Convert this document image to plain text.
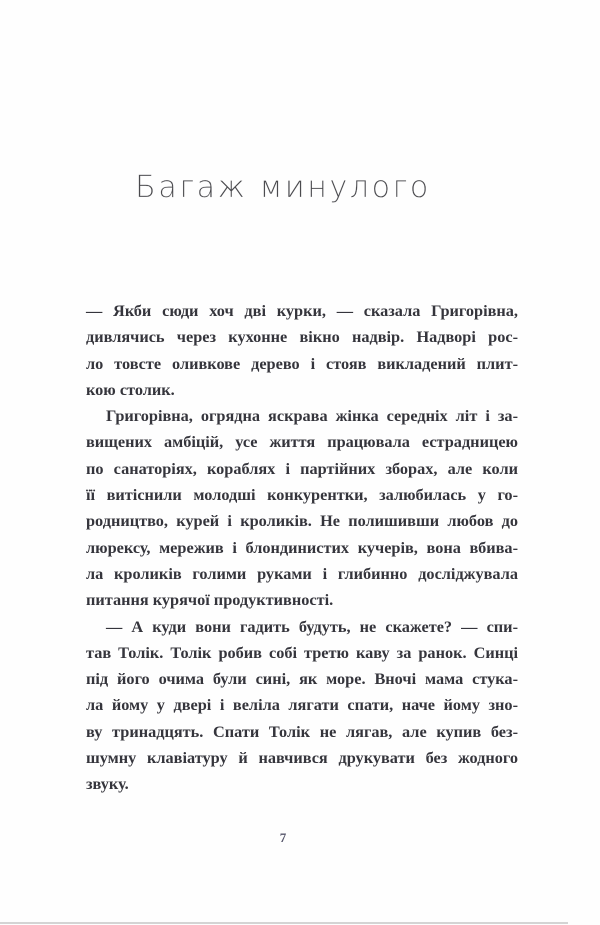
Багаж минулого
— Якби сюди хоч дві курки, — сказала Григорівна,
дивлячись через кухонне вікно надвір. Надворі рос-
ло товсте оливкове дерево і стояв викладений плит-
кою столик.
Григорівна, огрядна яскрава жінка середніх літ і за-
вищених амбіцій, усе життя працювала естрадницею
по санаторіях, кораблях і партійних зборах, але коли
її витіснили молодші конкурентки, залюбилась у го-
родництво, курей і кроликів. Не полишивши любов до
люрексу, мережив і блондинистих кучерів, вона вбива-
ла кроликів голими руками і глибинно досліджувала
питання курячої продуктивності.
— А куди вони гадить будуть, не скажете? — спи-
тав Толік. Толік робив собі третю каву за ранок. Синці
під його очима були сині, як море. Вночі мама стука-
ла йому у двері і веліла лягати спати, наче йому зно-
ву тринадцять. Спати Толік не лягав, але купив без-
шумну клавіатуру й навчився друкувати без жодного
звуку.
7
